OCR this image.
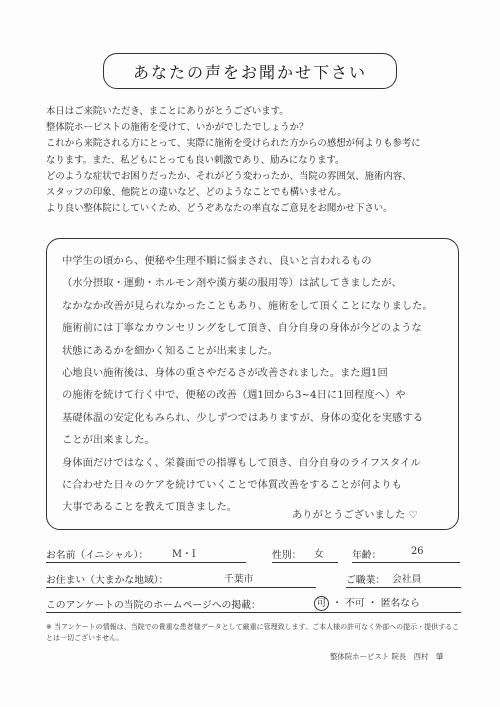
あなたの声をお聞かせ下さい

本日はご来院いただき、まことにありがとうございます。

整体院ホーピストの施術を受けて、いかがでしたでしょうか？

これから来院される方にとって、実際に施術を受けられた方からの感想が何よりも参考に

なります。また、私どもにとっても良い刺激であり、励みになります。

どのような症状でお困りだったか、それがどう変わったか、当院の雰囲気、施術内容、

スタッフの印象、他院との違いなど、どのようなことでも構いません。

より良い整体院にしていくため、どうぞあなたの率直なご意見をお聞かせ下さい。

中学生の頃から、便秘や生理不順に悩まされ、良いと言われるもの

（水分摂取・運動・ホルモン剤や漢方薬の服用等）は試してきましたが、

なかなか改善が見られなかったこともあり、施術をして頂くことになりました。

施術前には丁寧なカウンセリングをして頂き、自分自身の身体が今どのような

状態にあるかを細かく知ることが出来ました。

心地良い施術後は、身体の重さやだるさが改善されました。また週1回

の施術を続けて行く中で、便秘の改善（週1回から3~4日に1回程度へ）や

基礎体温の安定化もみられ、少しずつではありますが、身体の変化を実感する

ことが出来ました。

身体面だけではなく、栄養面での指導もして頂き、自分自身のライフスタイル

に合わせた日々のケアを続けていくことで体質改善をすることが何よりも

大事であることを教えて頂きました。

ありがとうございました ♡
お名前（イニシャル）： M・I	性別： 女	年齢：	26
お住まい（大まかな地域）：	千葉市	ご職業： 会社員
このアンケートの当院のホームページへの掲載：	可 ・ 不可 ・ 匿名なら
※ 当アンケートの情報は、当院での貴重な患者様データとして厳重に管理致します。ご本人様の許可なく外部への提示・提供することは一切ございません。
整体院ホーピスト 院長　西村　肇
